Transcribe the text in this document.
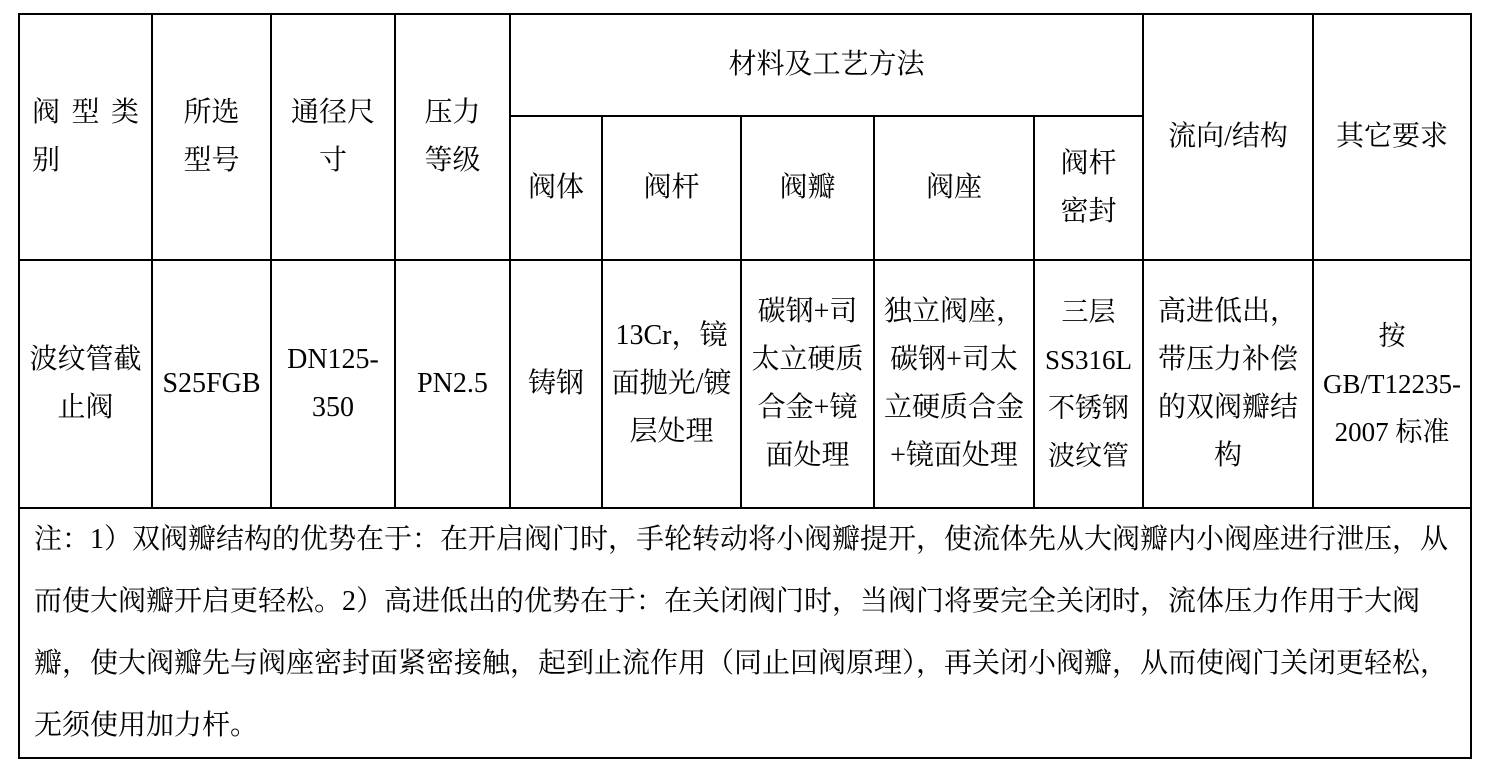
阀型类别	所选型号	通径尺寸	压力等级	材料及工艺方法					流向/结构	其它要求
				阀体	阀杆	阀瓣	阀座	阀杆密封		
波纹管截止阀	S25FGB	DN125-350	PN2.5	铸钢	13Cr，镜面抛光/镀层处理	碳钢+司太立硬质合金+镜面处理	独立阀座，碳钢+司太立硬质合金+镜面处理	三层 SS316L 不锈钢波纹管	高进低出，带压力补偿的双阀瓣结构	按 GB/T12235-2007 标准
注：1）双阀瓣结构的优势在于：在开启阀门时，手轮转动将小阀瓣提开，使流体先从大阀瓣内小阀座进行泄压，从而使大阀瓣开启更轻松。2）高进低出的优势在于：在关闭阀门时，当阀门将要完全关闭时，流体压力作用于大阀瓣，使大阀瓣先与阀座密封面紧密接触，起到止流作用（同止回阀原理），再关闭小阀瓣，从而使阀门关闭更轻松，无须使用加力杆。										
